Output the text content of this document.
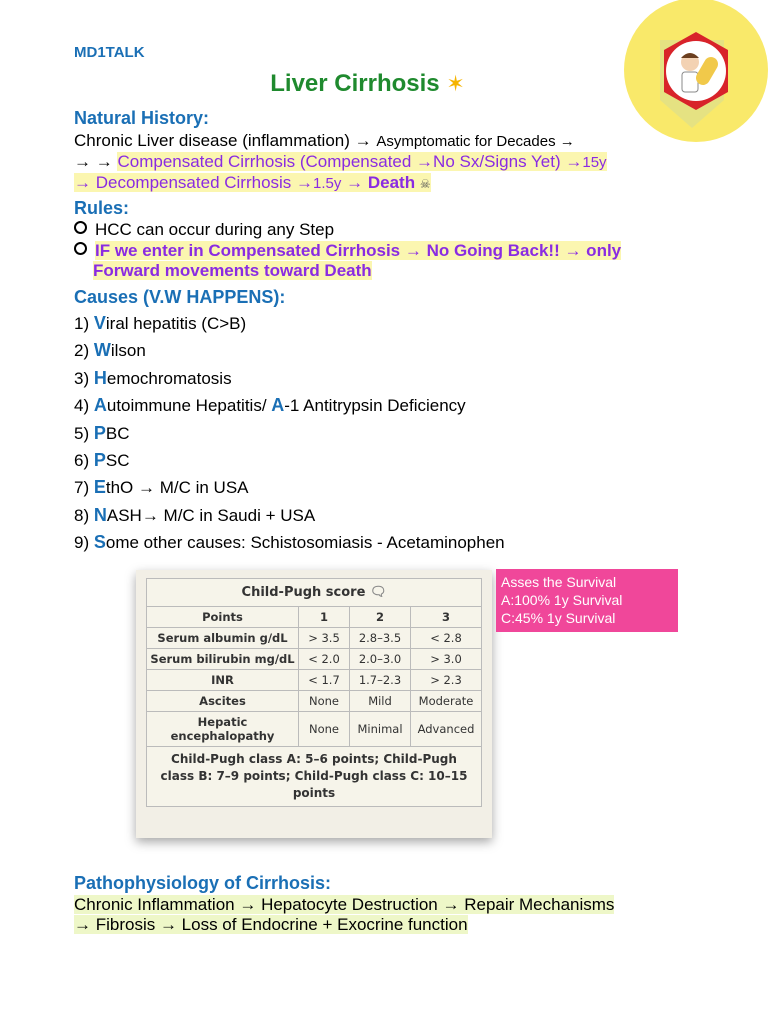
MD1TALK
Liver Cirrhosis ✶
Natural History:
Chronic Liver disease (inflammation) → Asymptomatic for Decades →
→ → Compensated Cirrhosis (Compensated →No Sx/Signs Yet) →15y
→ Decompensated Cirrhosis →1.5y → Death ☠
Rules:
HCC can occur during any Step
IF we enter in Compensated Cirrhosis → No Going Back!! → only
Forward movements toward Death
Causes (V.W HAPPENS):
1) Viral hepatitis (C>B)
2) Wilson
3) Hemochromatosis
4) Autoimmune Hepatitis/ A-1 Antitrypsin Deficiency
5) PBC
6) PSC
7) EthO → M/C in USA
8) NASH→ M/C in Saudi + USA
9) Some other causes: Schistosomiasis - Acetaminophen
Child-Pugh score 🗨			
Points	1	2	3
Serum albumin g/dL	> 3.5	2.8–3.5	< 2.8
Serum bilirubin mg/dL	< 2.0	2.0–3.0	> 3.0
INR	< 1.7	1.7–2.3	> 2.3
Ascites	None	Mild	Moderate
Hepatic encephalopathy	None	Minimal	Advanced
Child-Pugh class A: 5–6 points; Child-Pugh class B: 7–9 points; Child-Pugh class C: 10–15 points			
Asses the Survival
A:100% 1y Survival
C:45% 1y Survival
Pathophysiology of Cirrhosis:
Chronic Inflammation → Hepatocyte Destruction → Repair Mechanisms
→ Fibrosis → Loss of Endocrine + Exocrine function
